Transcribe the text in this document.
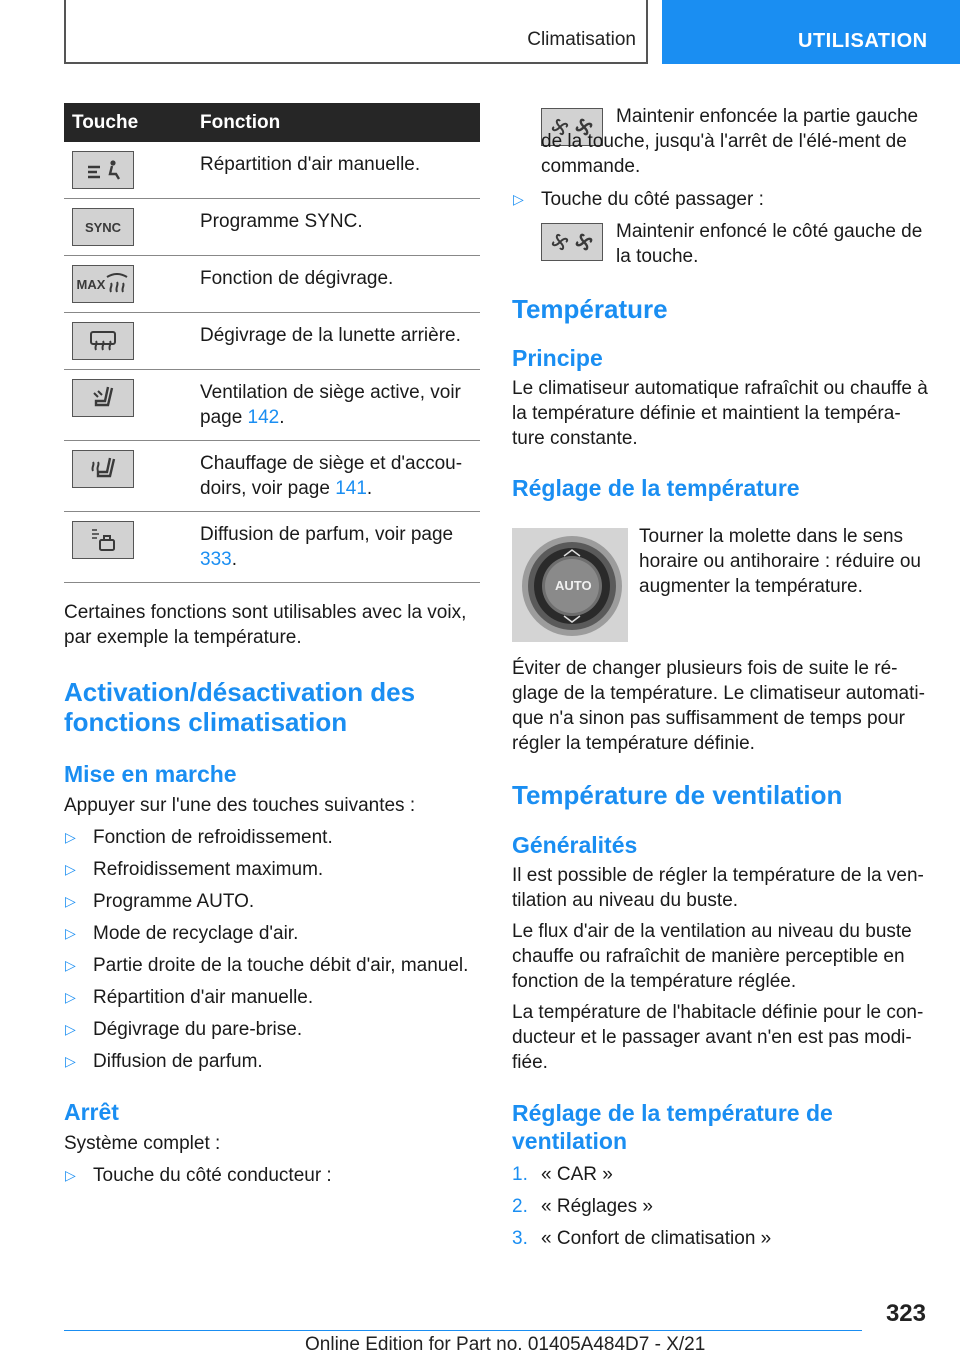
Climatisation	UTILISATION
Touche	Fonction

	Répartition d'air manuelle.

SYNC	Programme SYNC.

MAX	Fonction de dégivrage.

	Dégivrage de la lunette arrière.

	Ventilation de siège active, voir page 142.

	Chauffage de siège et d'accou-doirs, voir page 141.

	Diffusion de parfum, voir page 333.

Certaines fonctions sont utilisables avec la voix, par exemple la température.

Activation/désactivation des fonctions climatisation
Mise en marche

Appuyer sur l'une des touches suivantes :

▷ Fonction de refroidissement.
▷ Refroidissement maximum.
▷ Programme AUTO.
▷ Mode de recyclage d'air.
▷ Partie droite de la touche débit d'air, manuel.
▷ Répartition d'air manuelle.
▷ Dégivrage du pare-brise.
▷ Diffusion de parfum.
Arrêt

Système complet :

▷ Touche du côté conducteur :

Maintenir enfoncée la partie gauche de la touche, jusqu'à l'arrêt de l'élé-ment de commande.

▷ Touche du côté passager :

Maintenir enfoncé le côté gauche de la touche.

Température
Principe

Le climatiseur automatique rafraîchit ou chauffe à la température définie et maintient la tempéra-ture constante.

Réglage de la température
AUTO

Tourner la molette dans le sens horaire ou antihoraire : réduire ou augmenter la température.

Éviter de changer plusieurs fois de suite le ré-glage de la température. Le climatiseur automati-que n'a sinon pas suffisamment de temps pour régler la température définie.

Température de ventilation
Généralités

Il est possible de régler la température de la ven-tilation au niveau du buste.

Le flux d'air de la ventilation au niveau du buste chauffe ou rafraîchit de manière perceptible en fonction de la température réglée.

La température de l'habitacle définie pour le con-ducteur et le passager avant n'en est pas modi-fiée.

Réglage de la température de ventilation
1. « CAR »
2. « Réglages »
3. « Confort de climatisation »
323
Online Edition for Part no. 01405A484D7 - X/21
